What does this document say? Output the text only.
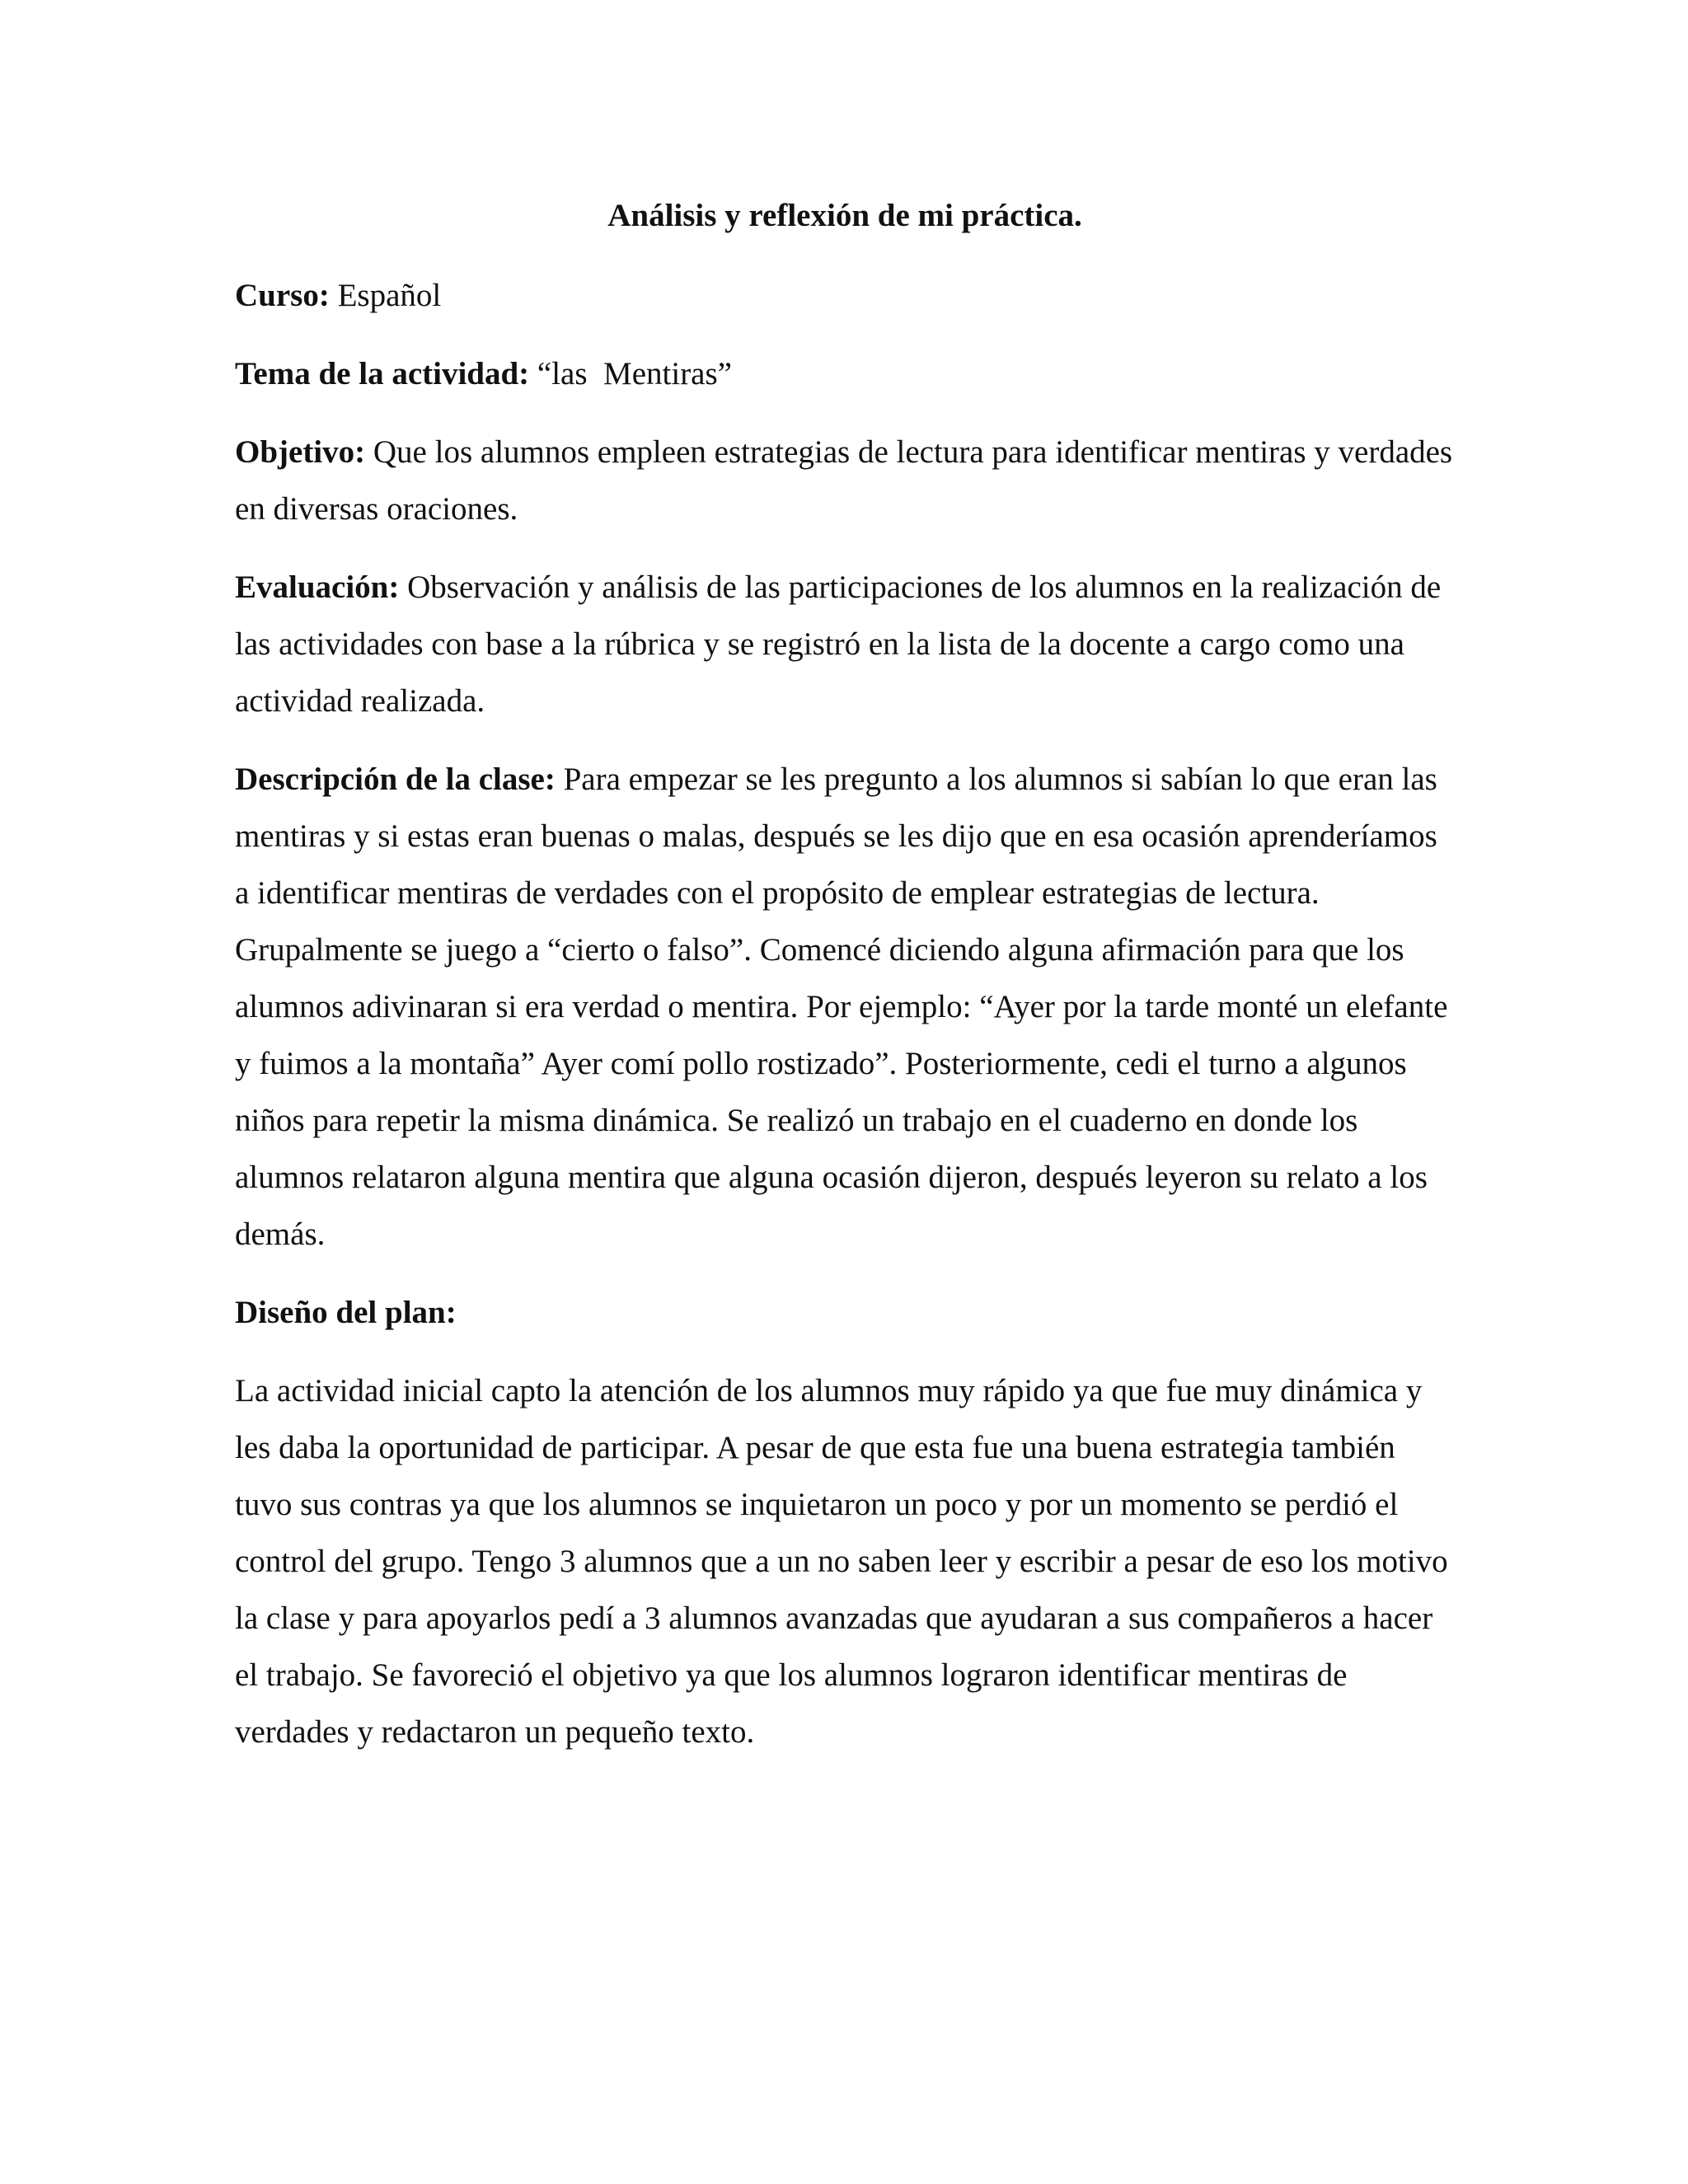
Análisis y reflexión de mi práctica.

Curso: Español

Tema de la actividad: “las  Mentiras”

Objetivo: Que los alumnos empleen estrategias de lectura para identificar mentiras y verdades en diversas oraciones.

Evaluación: Observación y análisis de las participaciones de los alumnos en la realización de las actividades con base a la rúbrica y se registró en la lista de la docente a cargo como una actividad realizada.

Descripción de la clase: Para empezar se les pregunto a los alumnos si sabían lo que eran las mentiras y si estas eran buenas o malas, después se les dijo que en esa ocasión aprenderíamos a identificar mentiras de verdades con el propósito de emplear estrategias de lectura. Grupalmente se juego a “cierto o falso”. Comencé diciendo alguna afirmación para que los alumnos adivinaran si era verdad o mentira. Por ejemplo: “Ayer por la tarde monté un elefante y fuimos a la montaña” Ayer comí pollo rostizado”. Posteriormente, cedi el turno a algunos niños para repetir la misma dinámica. Se realizó un trabajo en el cuaderno en donde los alumnos relataron alguna mentira que alguna ocasión dijeron, después leyeron su relato a los demás.

Diseño del plan:

La actividad inicial capto la atención de los alumnos muy rápido ya que fue muy dinámica y les daba la oportunidad de participar. A pesar de que esta fue una buena estrategia también tuvo sus contras ya que los alumnos se inquietaron un poco y por un momento se perdió el control del grupo. Tengo 3 alumnos que a un no saben leer y escribir a pesar de eso los motivo la clase y para apoyarlos pedí a 3 alumnos avanzadas que ayudaran a sus compañeros a hacer el trabajo. Se favoreció el objetivo ya que los alumnos lograron identificar mentiras de verdades y redactaron un pequeño texto.
